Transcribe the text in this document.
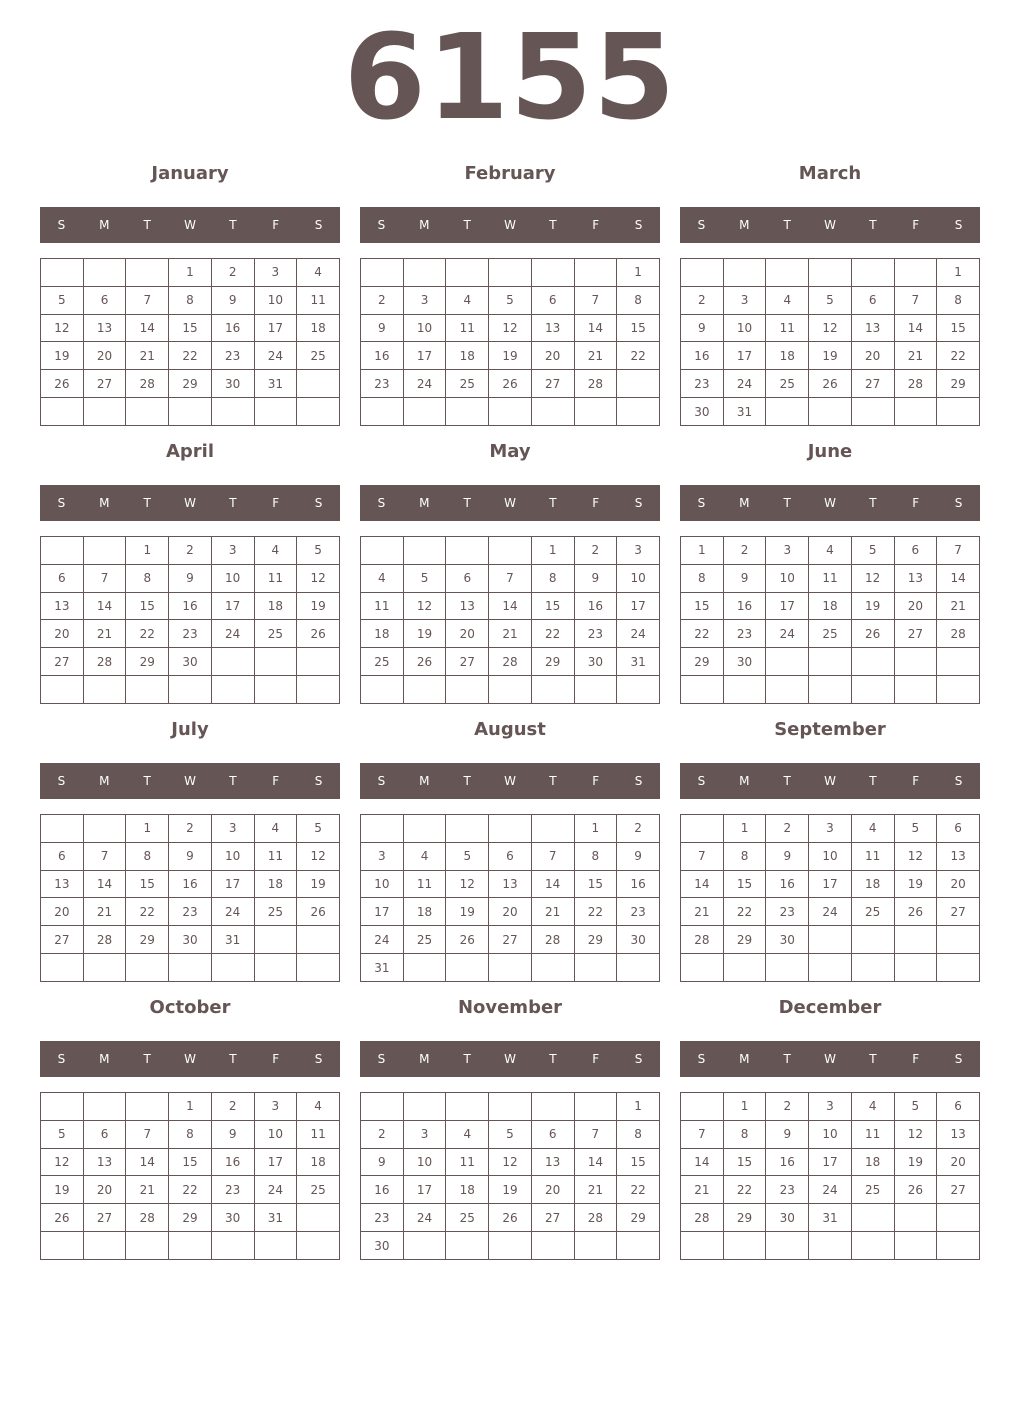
6155
January
S	M	T	W	T	F	S
			1	2	3	4
5	6	7	8	9	10	11
12	13	14	15	16	17	18
19	20	21	22	23	24	25
26	27	28	29	30	31	

February
S	M	T	W	T	F	S
						1
2	3	4	5	6	7	8
9	10	11	12	13	14	15
16	17	18	19	20	21	22
23	24	25	26	27	28	

March
S	M	T	W	T	F	S
						1
2	3	4	5	6	7	8
9	10	11	12	13	14	15
16	17	18	19	20	21	22
23	24	25	26	27	28	29
30	31					
April
S	M	T	W	T	F	S
		1	2	3	4	5
6	7	8	9	10	11	12
13	14	15	16	17	18	19
20	21	22	23	24	25	26
27	28	29	30			

May
S	M	T	W	T	F	S
				1	2	3
4	5	6	7	8	9	10
11	12	13	14	15	16	17
18	19	20	21	22	23	24
25	26	27	28	29	30	31

June
S	M	T	W	T	F	S
1	2	3	4	5	6	7
8	9	10	11	12	13	14
15	16	17	18	19	20	21
22	23	24	25	26	27	28
29	30					

July
S	M	T	W	T	F	S
		1	2	3	4	5
6	7	8	9	10	11	12
13	14	15	16	17	18	19
20	21	22	23	24	25	26
27	28	29	30	31		

August
S	M	T	W	T	F	S
					1	2
3	4	5	6	7	8	9
10	11	12	13	14	15	16
17	18	19	20	21	22	23
24	25	26	27	28	29	30
31						
September
S	M	T	W	T	F	S
	1	2	3	4	5	6
7	8	9	10	11	12	13
14	15	16	17	18	19	20
21	22	23	24	25	26	27
28	29	30				

October
S	M	T	W	T	F	S
			1	2	3	4
5	6	7	8	9	10	11
12	13	14	15	16	17	18
19	20	21	22	23	24	25
26	27	28	29	30	31	

November
S	M	T	W	T	F	S
						1
2	3	4	5	6	7	8
9	10	11	12	13	14	15
16	17	18	19	20	21	22
23	24	25	26	27	28	29
30						
December
S	M	T	W	T	F	S
	1	2	3	4	5	6
7	8	9	10	11	12	13
14	15	16	17	18	19	20
21	22	23	24	25	26	27
28	29	30	31			
